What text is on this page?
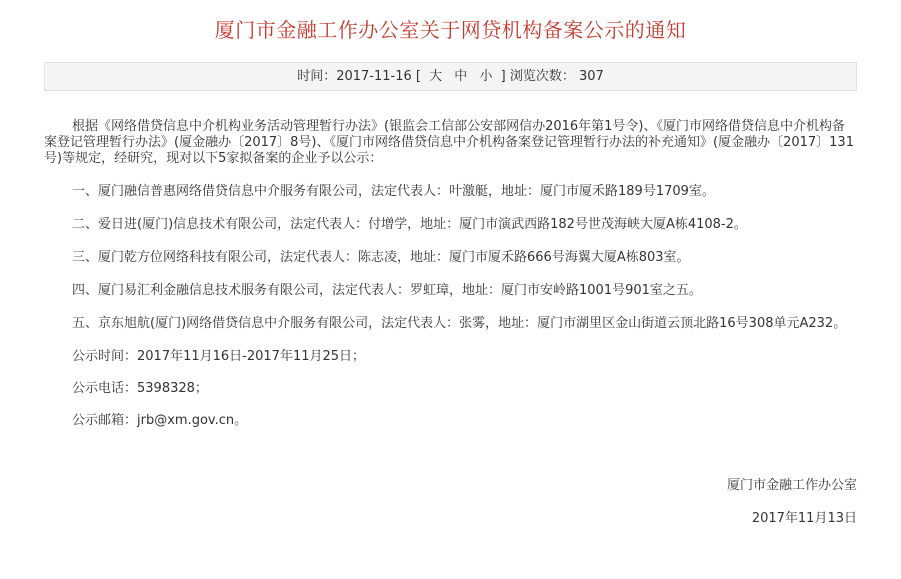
厦门市金融工作办公室关于网贷机构备案公示的通知
时间：2017-11-16 [ 大 中 小 ] 浏览次数： 307

根据《网络借贷信息中介机构业务活动管理暂行办法》(银监会工信部公安部网信办2016年第1号令)、《厦门市网络借贷信息中介机构备案登记管理暂行办法》(厦金融办〔2017〕8号)、《厦门市网络借贷信息中介机构备案登记管理暂行办法的补充通知》(厦金融办〔2017〕131号)等规定，经研究，现对以下5家拟备案的企业予以公示：

一、厦门融信普惠网络借贷信息中介服务有限公司，法定代表人：叶激艇，地址：厦门市厦禾路189号1709室。

二、爱日进(厦门)信息技术有限公司，法定代表人：付增学，地址：厦门市演武西路182号世茂海峡大厦A栋4108-2。

三、厦门乾方位网络科技有限公司，法定代表人：陈志凌，地址：厦门市厦禾路666号海翼大厦A栋803室。

四、厦门易汇利金融信息技术服务有限公司，法定代表人：罗虹璋，地址：厦门市安岭路1001号901室之五。

五、京东旭航(厦门)网络借贷信息中介服务有限公司，法定代表人：张雾，地址：厦门市湖里区金山街道云顶北路16号308单元A232。

公示时间：2017年11月16日-2017年11月25日；

公示电话：5398328；

公示邮箱：jrb@xm.gov.cn。

厦门市金融工作办公室
2017年11月13日
